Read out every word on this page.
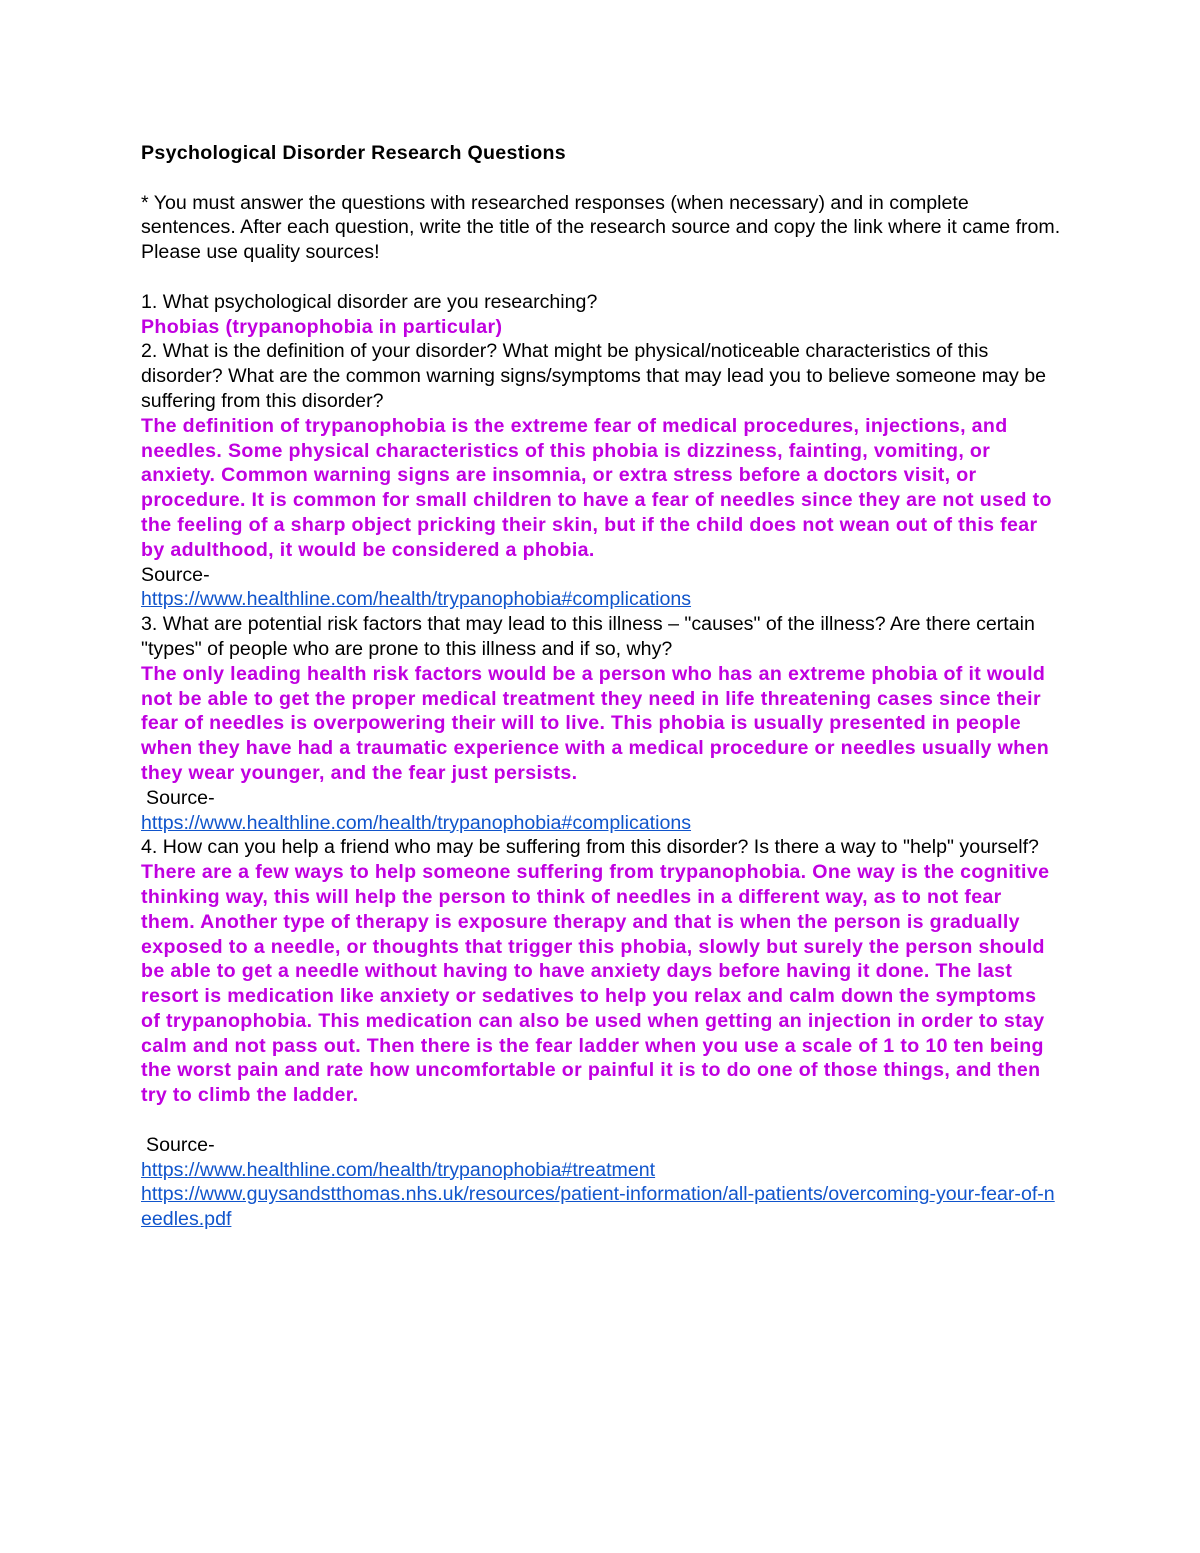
Psychological Disorder Research Questions

* You must answer the questions with researched responses (when necessary) and in complete sentences. After each question, write the title of the research source and copy the link where it came from. Please use quality sources!

1. What psychological disorder are you researching?

Phobias (trypanophobia in particular)

2. What is the definition of your disorder? What might be physical/noticeable characteristics of this disorder? What are the common warning signs/symptoms that may lead you to believe someone may be suffering from this disorder?

The definition of trypanophobia is the extreme fear of medical procedures, injections, and needles. Some physical characteristics of this phobia is dizziness, fainting, vomiting, or anxiety. Common warning signs are insomnia, or extra stress before a doctors visit, or procedure. It is common for small children to have a fear of needles since they are not used to the feeling of a sharp object pricking their skin, but if the child does not wean out of this fear by adulthood, it would be considered a phobia.

Source-

https://www.healthline.com/health/trypanophobia#complications

3. What are potential risk factors that may lead to this illness – "causes" of the illness? Are there certain "types" of people who are prone to this illness and if so, why?

The only leading health risk factors would be a person who has an extreme phobia of it would not be able to get the proper medical treatment they need in life threatening cases since their fear of needles is overpowering their will to live. This phobia is usually presented in people when they have had a traumatic experience with a medical procedure or needles usually when they wear younger, and the fear just persists.

Source-

https://www.healthline.com/health/trypanophobia#complications

4. How can you help a friend who may be suffering from this disorder? Is there a way to "help" yourself?

There are a few ways to help someone suffering from trypanophobia. One way is the cognitive thinking way, this will help the person to think of needles in a different way, as to not fear them. Another type of therapy is exposure therapy and that is when the person is gradually exposed to a needle, or thoughts that trigger this phobia, slowly but surely the person should be able to get a needle without having to have anxiety days before having it done. The last resort is medication like anxiety or sedatives to help you relax and calm down the symptoms of trypanophobia. This medication can also be used when getting an injection in order to stay calm and not pass out. Then there is the fear ladder when you use a scale of 1 to 10 ten being the worst pain and rate how uncomfortable or painful it is to do one of those things, and then try to climb the ladder.

Source-

https://www.healthline.com/health/trypanophobia#treatment
https://www.guysandstthomas.nhs.uk/resources/patient-information/all-patients/overcoming-your-fear-of-needles.pdf
